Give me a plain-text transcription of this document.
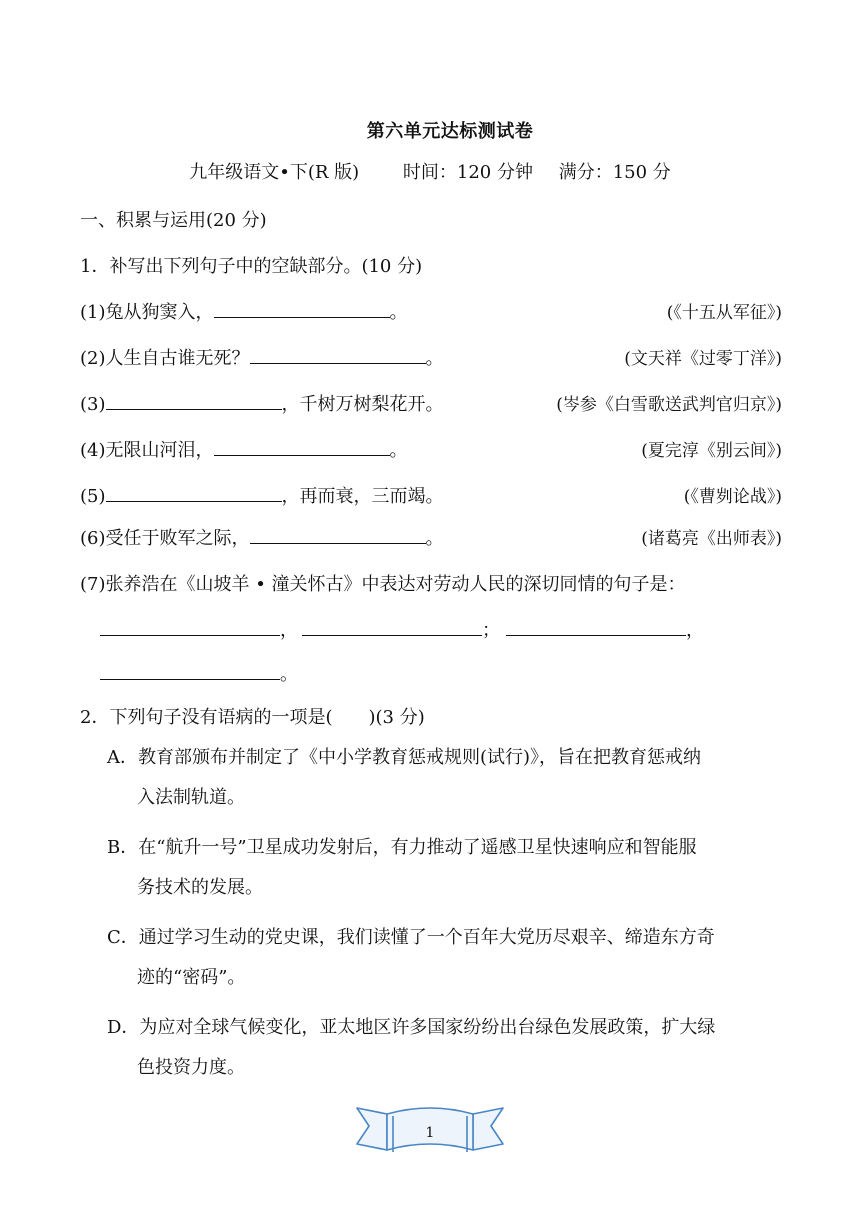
第六单元达标测试卷
九年级语文•下(R 版) 时间：120 分钟 满分：150 分
一、积累与运用(20 分)
1．补写出下列句子中的空缺部分。(10 分)
(1)兔从狗窦入，	。	(《十五从军征》)
(2)人生自古谁无死？	。	(文天祥《过零丁洋》)
(3)	，千树万树梨花开。	(岑参《白雪歌送武判官归京》)
(4)无限山河泪，	。	(夏完淳《别云间》)
(5)	，再而衰，三而竭。	(《曹刿论战》)
(6)受任于败军之际，	。	(诸葛亮《出师表》)
(7)张养浩在《山坡羊 • 潼关怀古》中表达对劳动人民的深切同情的句子是：
，	；	，
。
2．下列句子没有语病的一项是(　　)(3 分)
A．教育部颁布并制定了《中小学教育惩戒规则(试行)》，旨在把教育惩戒纳
入法制轨道。
B．在“航升一号”卫星成功发射后，有力推动了遥感卫星快速响应和智能服
务技术的发展。
C．通过学习生动的党史课，我们读懂了一个百年大党历尽艰辛、缔造东方奇
迹的“密码”。
D．为应对全球气候变化，亚太地区许多国家纷纷出台绿色发展政策，扩大绿
色投资力度。
1
